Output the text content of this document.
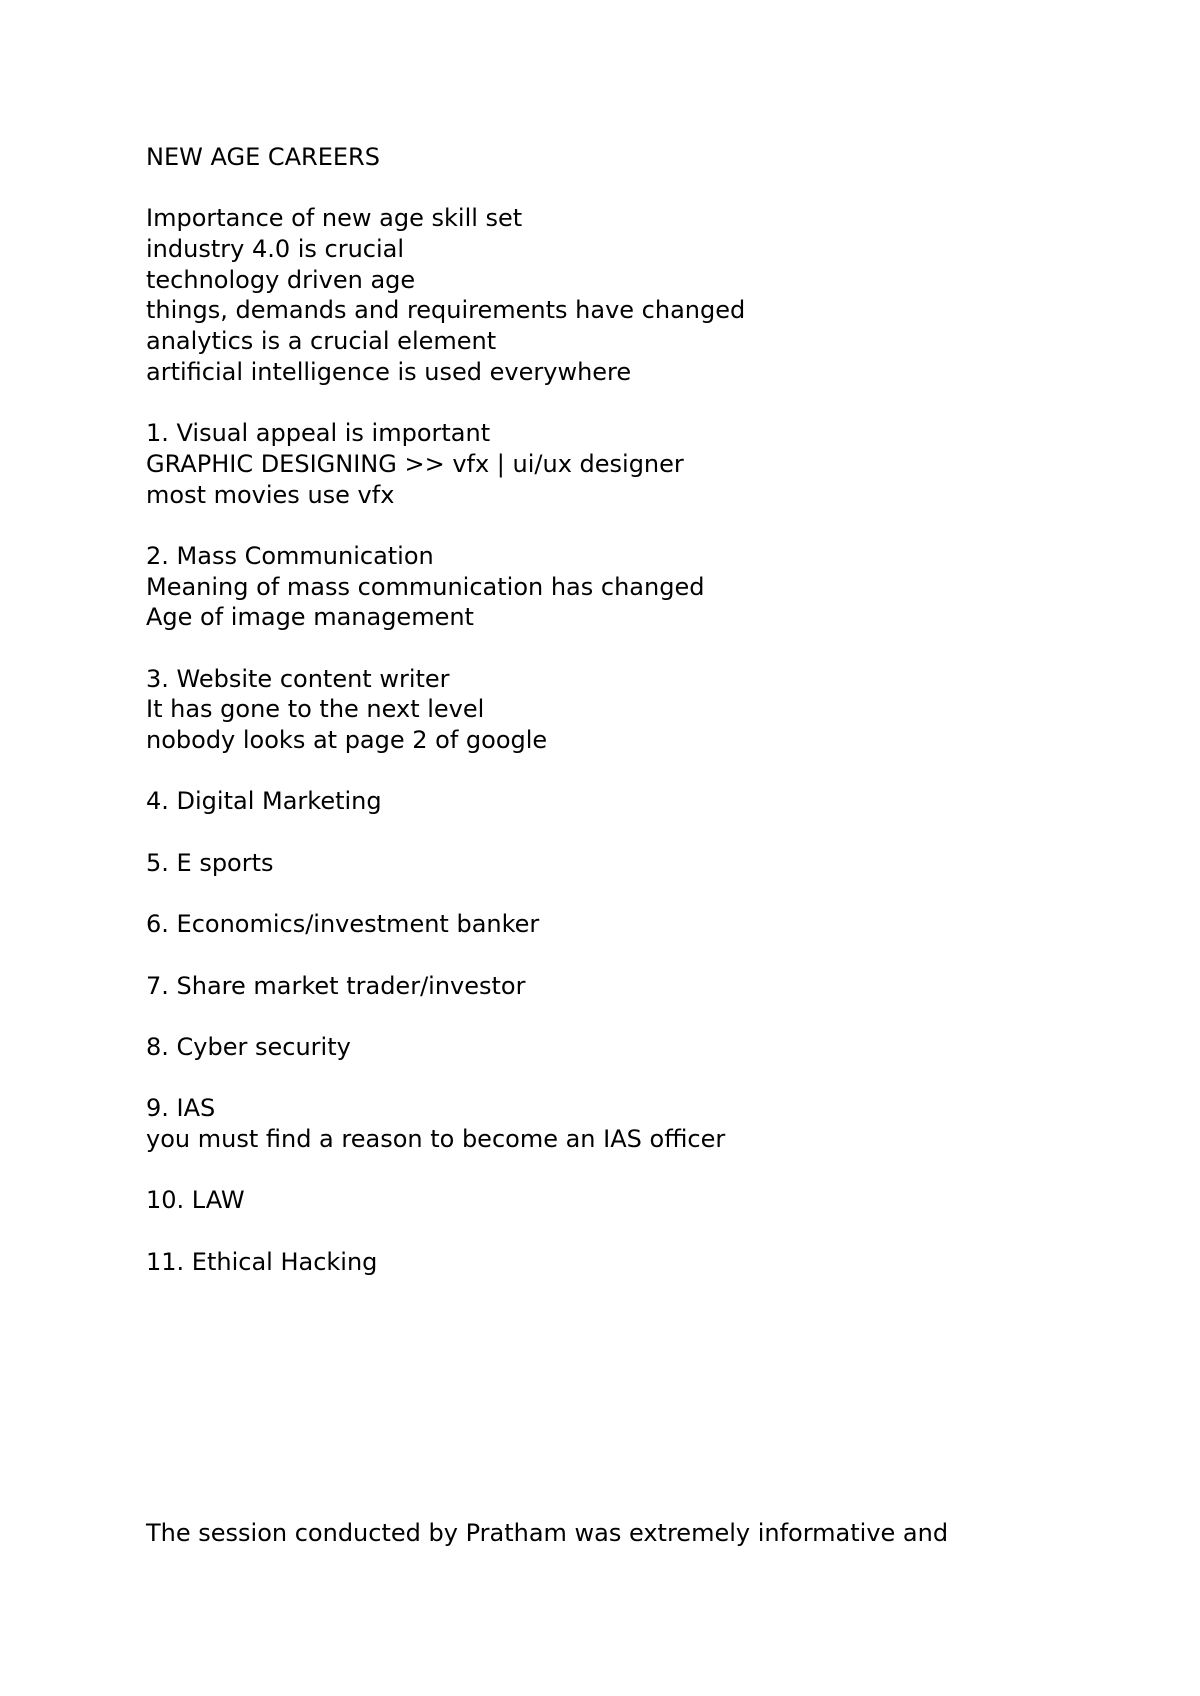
NEW AGE CAREERS

Importance of new age skill set

industry 4.0 is crucial

technology driven age

things, demands and requirements have changed

analytics is a crucial element

artificial intelligence is used everywhere

1. Visual appeal is important

GRAPHIC DESIGNING >> vfx | ui/ux designer

most movies use vfx

2. Mass Communication

Meaning of mass communication has changed

Age of image management

3. Website content writer

It has gone to the next level

nobody looks at page 2 of google

4. Digital Marketing

5. E sports

6. Economics/investment banker

7. Share market trader/investor

8. Cyber security

9. IAS

you must find a reason to become an IAS officer

10. LAW

11. Ethical Hacking

The session conducted by Pratham was extremely informative and
